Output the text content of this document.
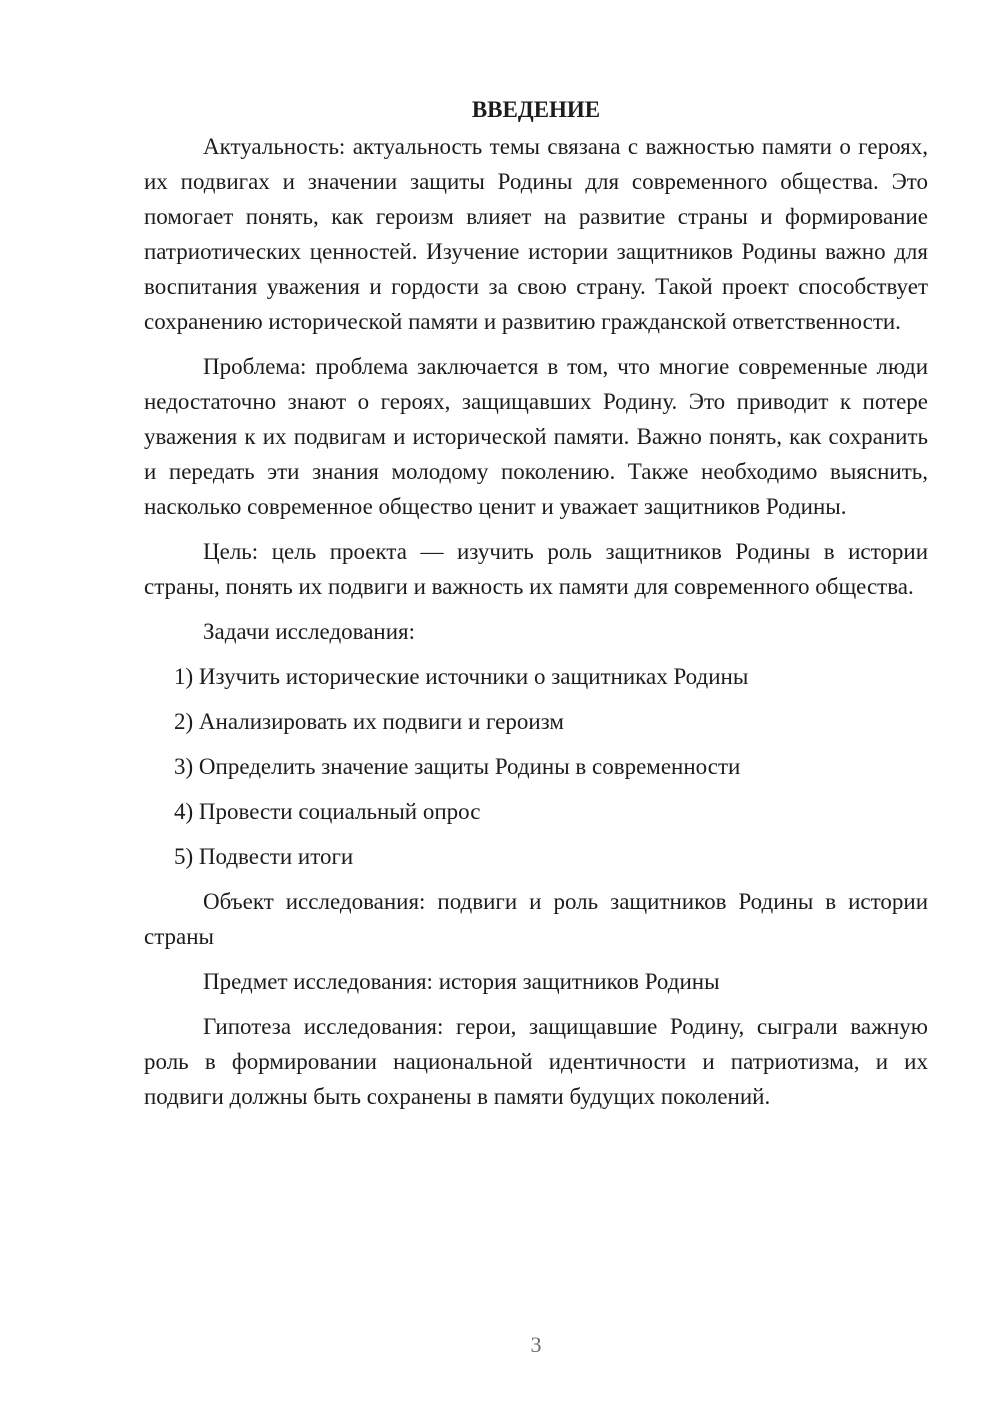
ВВЕДЕНИЕ

Актуальность: актуальность темы связана с важностью памяти о героях, их подвигах и значении защиты Родины для современного общества. Это помогает понять, как героизм влияет на развитие страны и формирование патриотических ценностей. Изучение истории защитников Родины важно для воспитания уважения и гордости за свою страну. Такой проект способствует сохранению исторической памяти и развитию гражданской ответственности.

Проблема: проблема заключается в том, что многие современные люди недостаточно знают о героях, защищавших Родину. Это приводит к потере уважения к их подвигам и исторической памяти. Важно понять, как сохранить и передать эти знания молодому поколению. Также необходимо выяснить, насколько современное общество ценит и уважает защитников Родины.

Цель: цель проекта — изучить роль защитников Родины в истории страны, понять их подвиги и важность их памяти для современного общества.

Задачи исследования:

1) Изучить исторические источники о защитниках Родины
2) Анализировать их подвиги и героизм
3) Определить значение защиты Родины в современности
4) Провести социальный опрос
5) Подвести итоги

Объект исследования: подвиги и роль защитников Родины в истории страны

Предмет исследования: история защитников Родины

Гипотеза исследования: герои, защищавшие Родину, сыграли важную роль в формировании национальной идентичности и патриотизма, и их подвиги должны быть сохранены в памяти будущих поколений.

3
